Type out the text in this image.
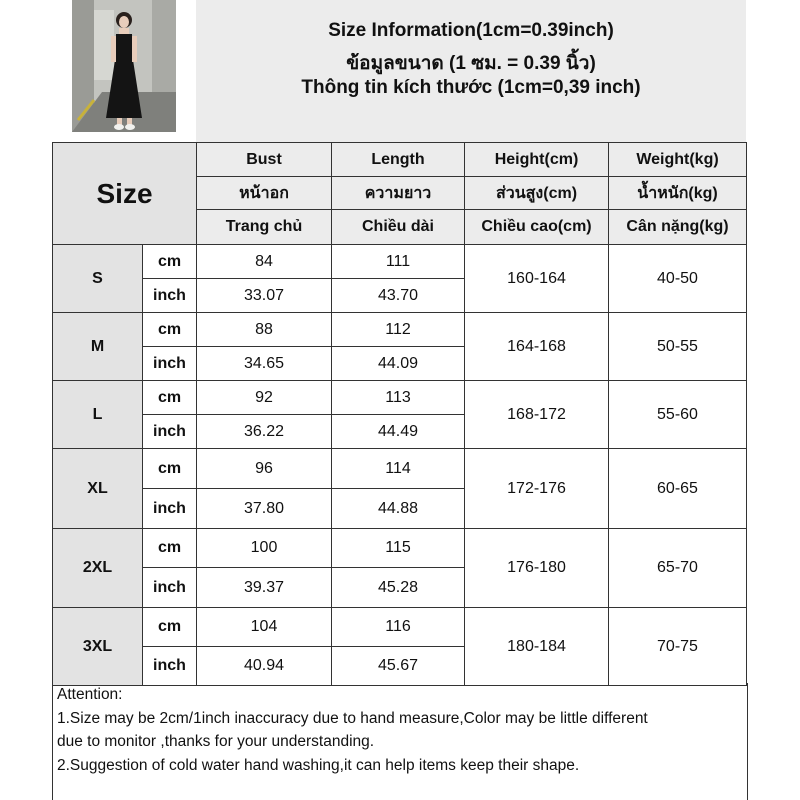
Size Information(1cm=0.39inch)
ข้อมูลขนาด (1 ซม. = 0.39 นิ้ว)
Thông tin kích thước (1cm=0,39 inch)
Size		Bust	Length	Height(cm)	Weight(kg)
		หน้าอก	ความยาว	ส่วนสูง(cm)	น้ำหนัก(kg)
		Trang chủ	Chiều dài	Chiều cao(cm)	Cân nặng(kg)
S	cm	84	111	160-164	40-50
	inch	33.07	43.70		
M	cm	88	112	164-168	50-55
	inch	34.65	44.09		
L	cm	92	113	168-172	55-60
	inch	36.22	44.49		
XL	cm	96	114	172-176	60-65
	inch	37.80	44.88		
2XL	cm	100	115	176-180	65-70
	inch	39.37	45.28		
3XL	cm	104	116	180-184	70-75
	inch	40.94	45.67		
Attention:
1.Size may be 2cm/1inch inaccuracy due to hand measure,Color may be little different
due to monitor ,thanks for your understanding.
2.Suggestion of cold water hand washing,it can help items keep their shape.
